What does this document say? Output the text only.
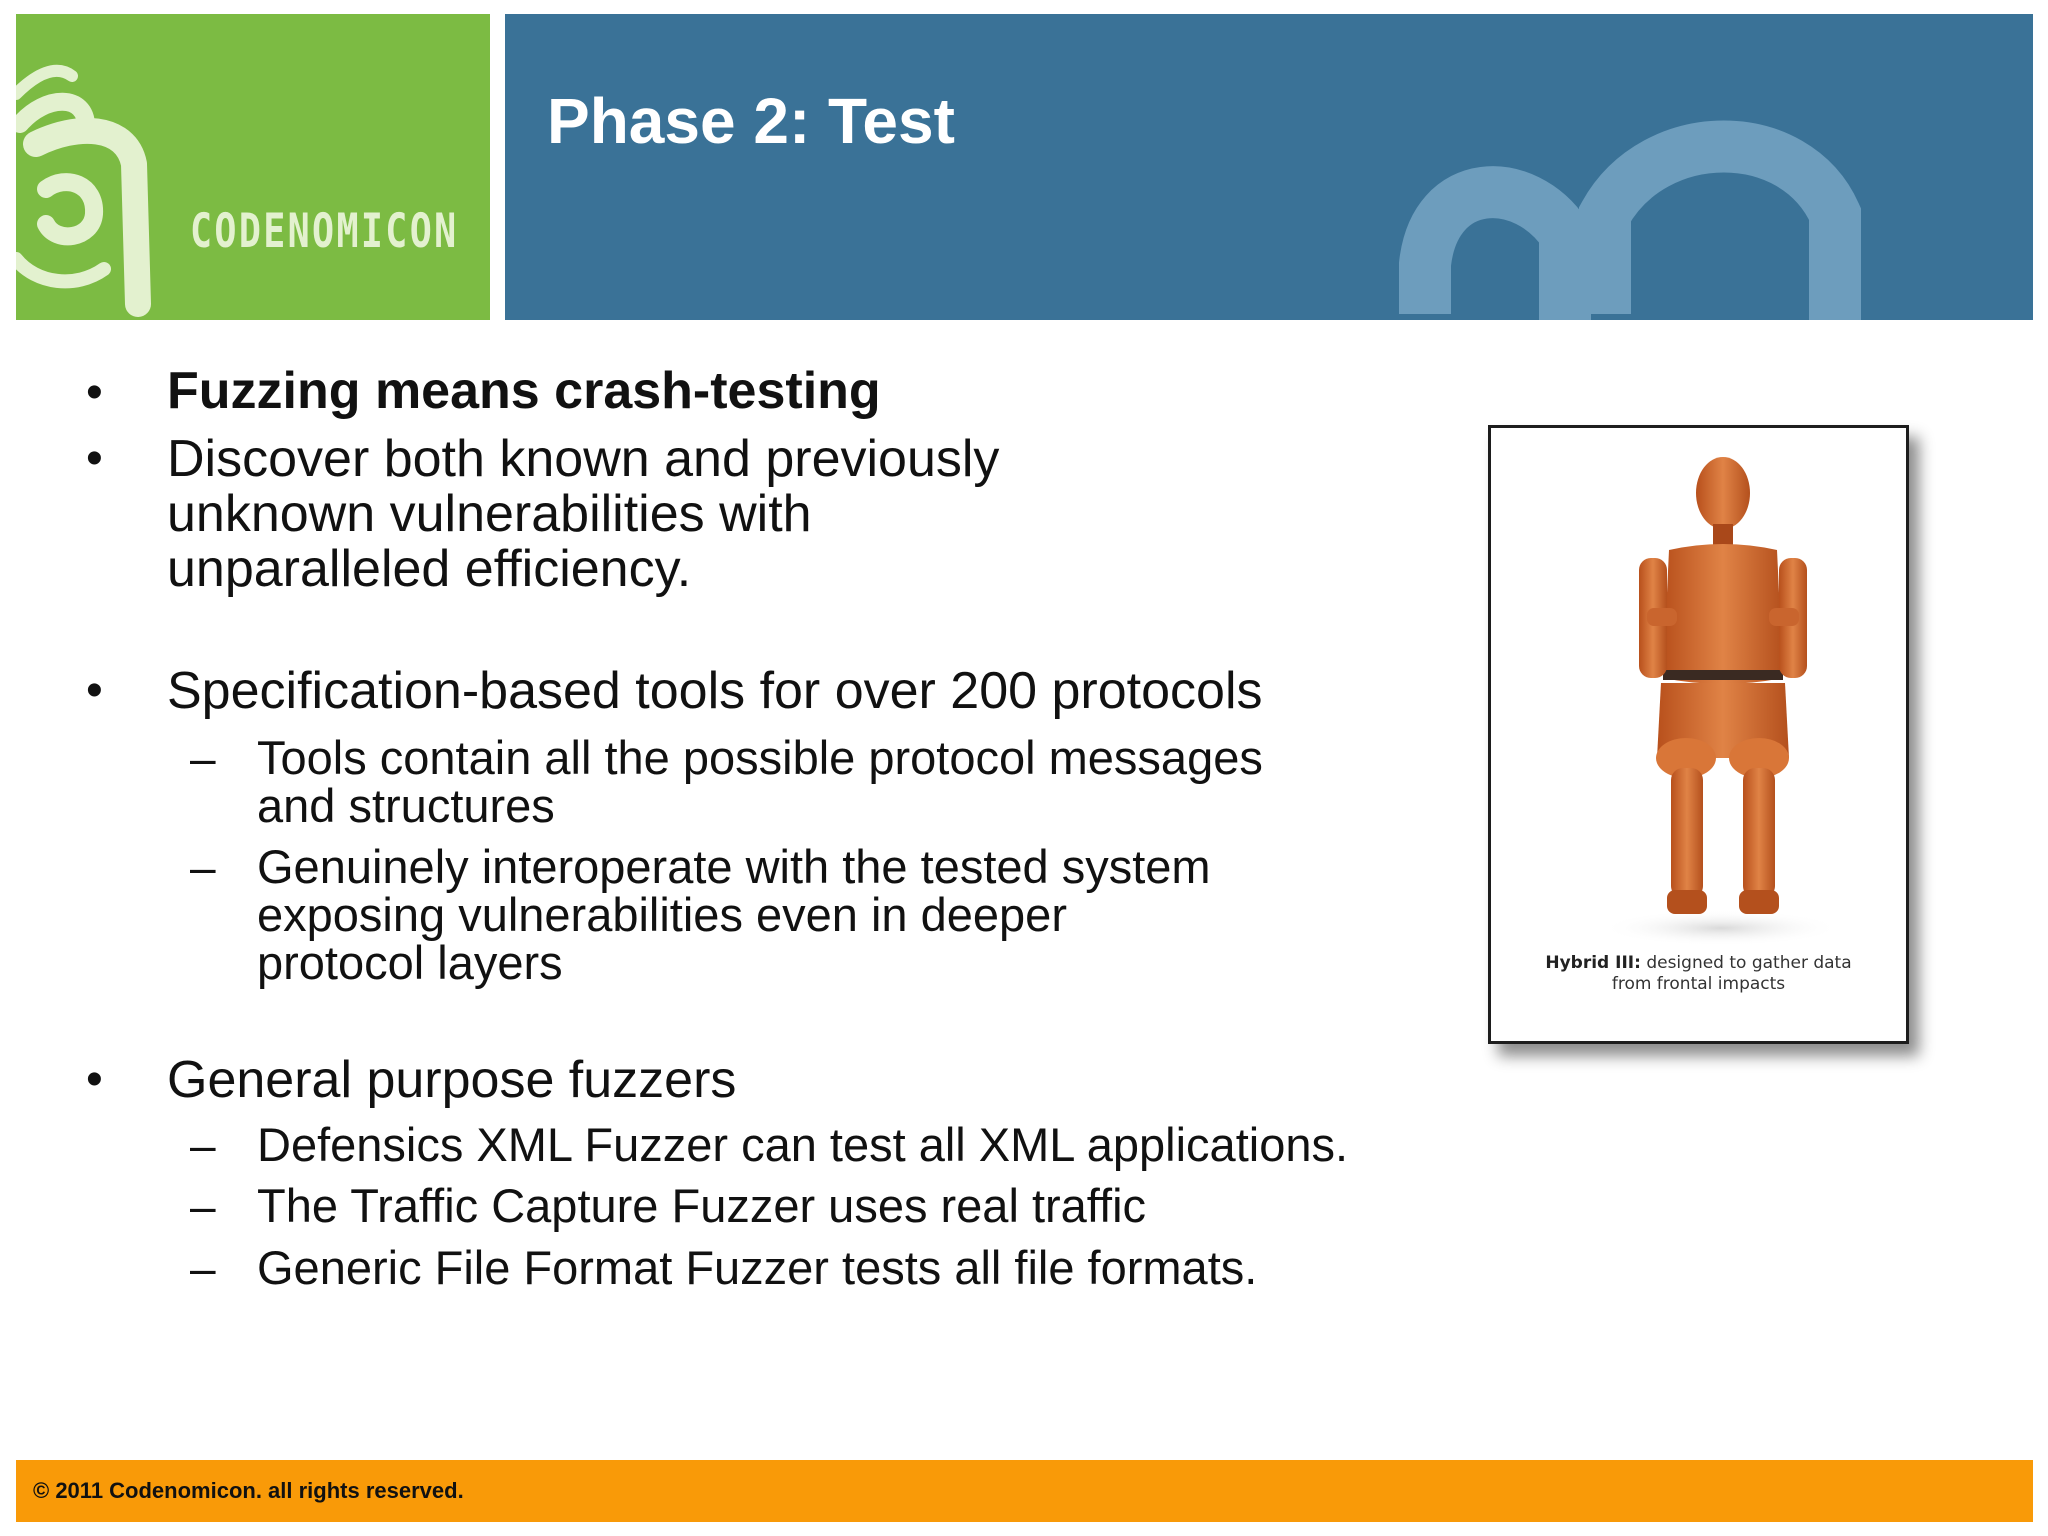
CODENOMICON
Phase 2: Test
• Fuzzing means crash-testing
• Discover both known and previously
unknown vulnerabilities with
unparalleled efficiency.
• Specification-based tools for over 200 protocols
– Tools contain all the possible protocol messages
and structures
– Genuinely interoperate with the tested system
exposing vulnerabilities even in deeper
protocol layers
• General purpose fuzzers
– Defensics XML Fuzzer can test all XML applications.
– The Traffic Capture Fuzzer uses real traffic
– Generic File Format Fuzzer tests all file formats.
Hybrid III: designed to gather data
from frontal impacts
© 2011 Codenomicon. all rights reserved.
